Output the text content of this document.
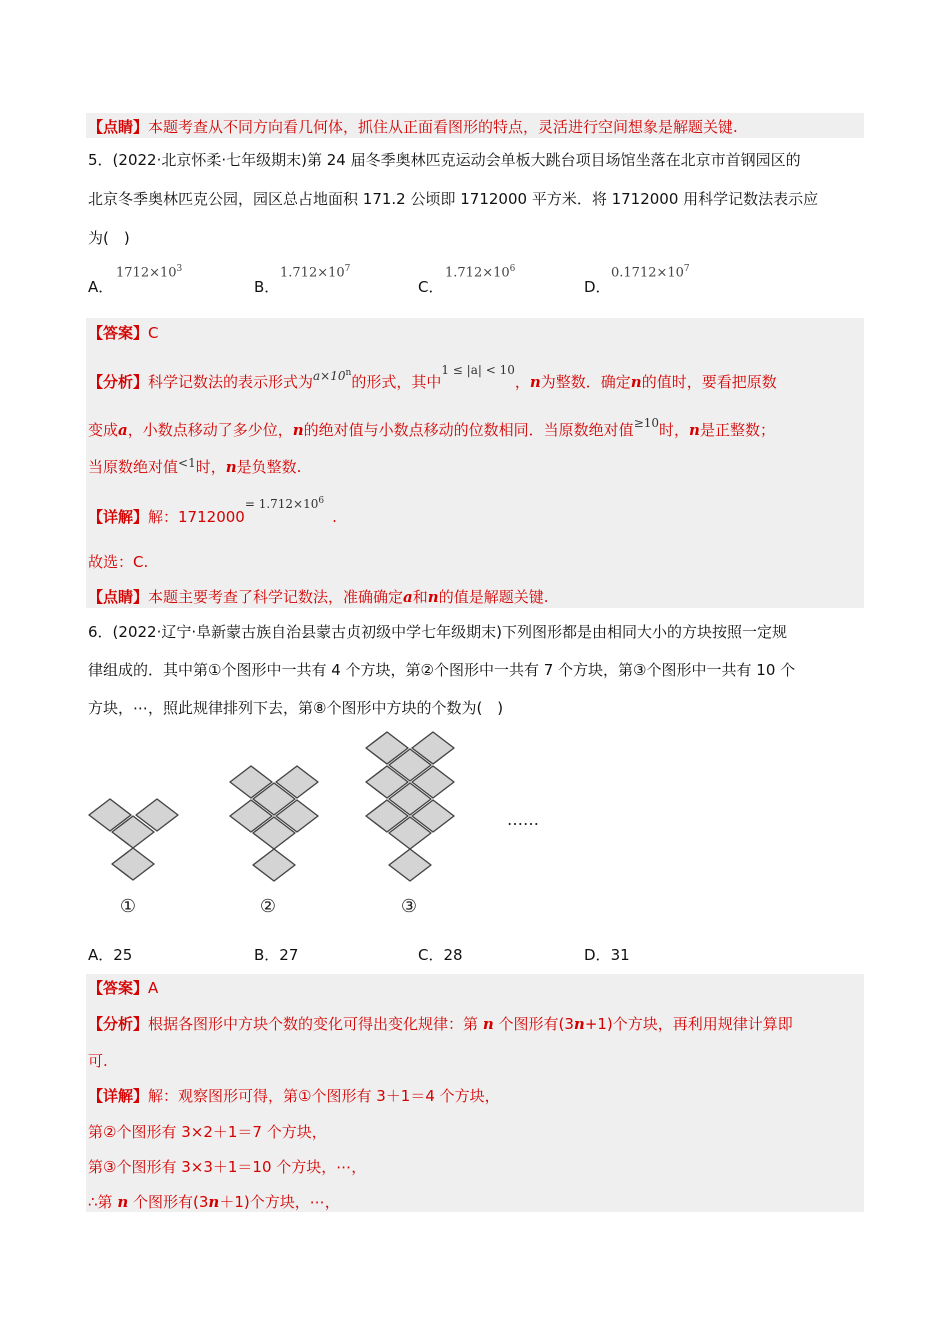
【点睛】本题考查从不同方向看几何体，抓住从正面看图形的特点，灵活进行空间想象是解题关键.
5．(2022·北京怀柔·七年级期末)第 24 届冬季奥林匹克运动会单板大跳台项目场馆坐落在北京市首钢园区的
北京冬季奥林匹克公园，园区总占地面积 171.2 公顷即 1712000 平方米．将 1712000 用科学记数法表示应
为(　)
A．
$1712\times 10^3$
B．
$1.712\times 10^7$
C．
$1.712\times 10^6$
D．
$0.1712\times 10^7$
【答案】C
【分析】科学记数法的表示形式为$^{a\times 10^n}$的形式，其中$^{1 \le |a| < 10}$，n为整数．确定n的值时，要看把原数
变成a，小数点移动了多少位，n的绝对值与小数点移动的位数相同．当原数绝对值$^{\ge 10}$时，n是正整数；
当原数绝对值$^{<1}$时，n是负整数.
【详解】解：$1712000^{= 1.712\times 10^6}$.
故选：C.
【点睛】本题主要考查了科学记数法，准确确定a和n的值是解题关键.
6．(2022·辽宁·阜新蒙古族自治县蒙古贞初级中学七年级期末)下列图形都是由相同大小的方块按照一定规
律组成的．其中第①个图形中一共有 4 个方块，第②个图形中一共有 7 个方块，第③个图形中一共有 10 个
方块，⋯，照此规律排列下去，第⑧个图形中方块的个数为(　)
①	②	③
……
A．25	B．27	C．28	D．31
【答案】A
【分析】根据各图形中方块个数的变化可得出变化规律：第 n 个图形有(3n+1)个方块，再利用规律计算即
可.
【详解】解：观察图形可得，第①个图形有 3＋1＝4 个方块，
第②个图形有 3×2＋1＝7 个方块，
第③个图形有 3×3＋1＝10 个方块，⋯，
∴第 n 个图形有(3n＋1)个方块，⋯，
